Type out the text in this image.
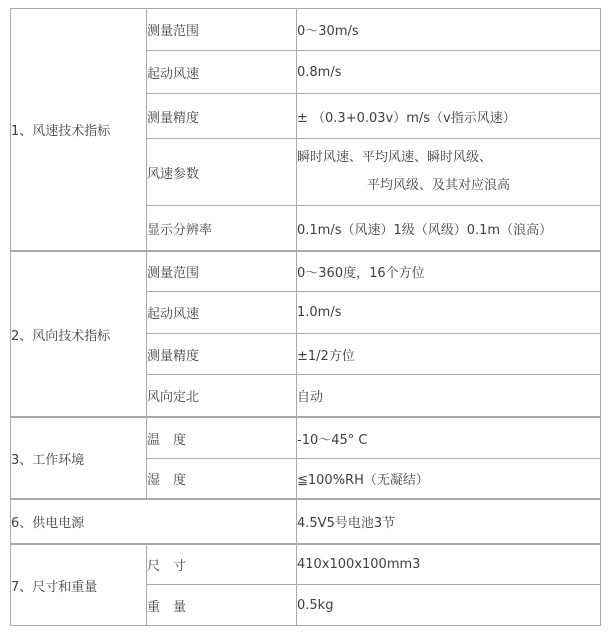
1、风速技术指标	测量范围	0～30m/s
	起动风速	0.8m/s
	测量精度	± （0.3+0.03v）m/s（v指示风速）
	风速参数	瞬时风速、平均风速、瞬时风级、
平均风级、及其对应浪高

	显示分辨率	0.1m/s（风速）1级（风级）0.1m（浪高）
2、风向技术指标	测量范围	0～360度，16个方位
	起动风速	1.0m/s
	测量精度	±1/2方位
	风向定北	自动
3、工作环境	温　度	-10～45° C
	湿　度	≦100%RH（无凝结）
6、供电电源	4.5V5号电池3节
7、尺寸和重量	尺　寸	410x100x100mm3
	重　量	0.5kg
